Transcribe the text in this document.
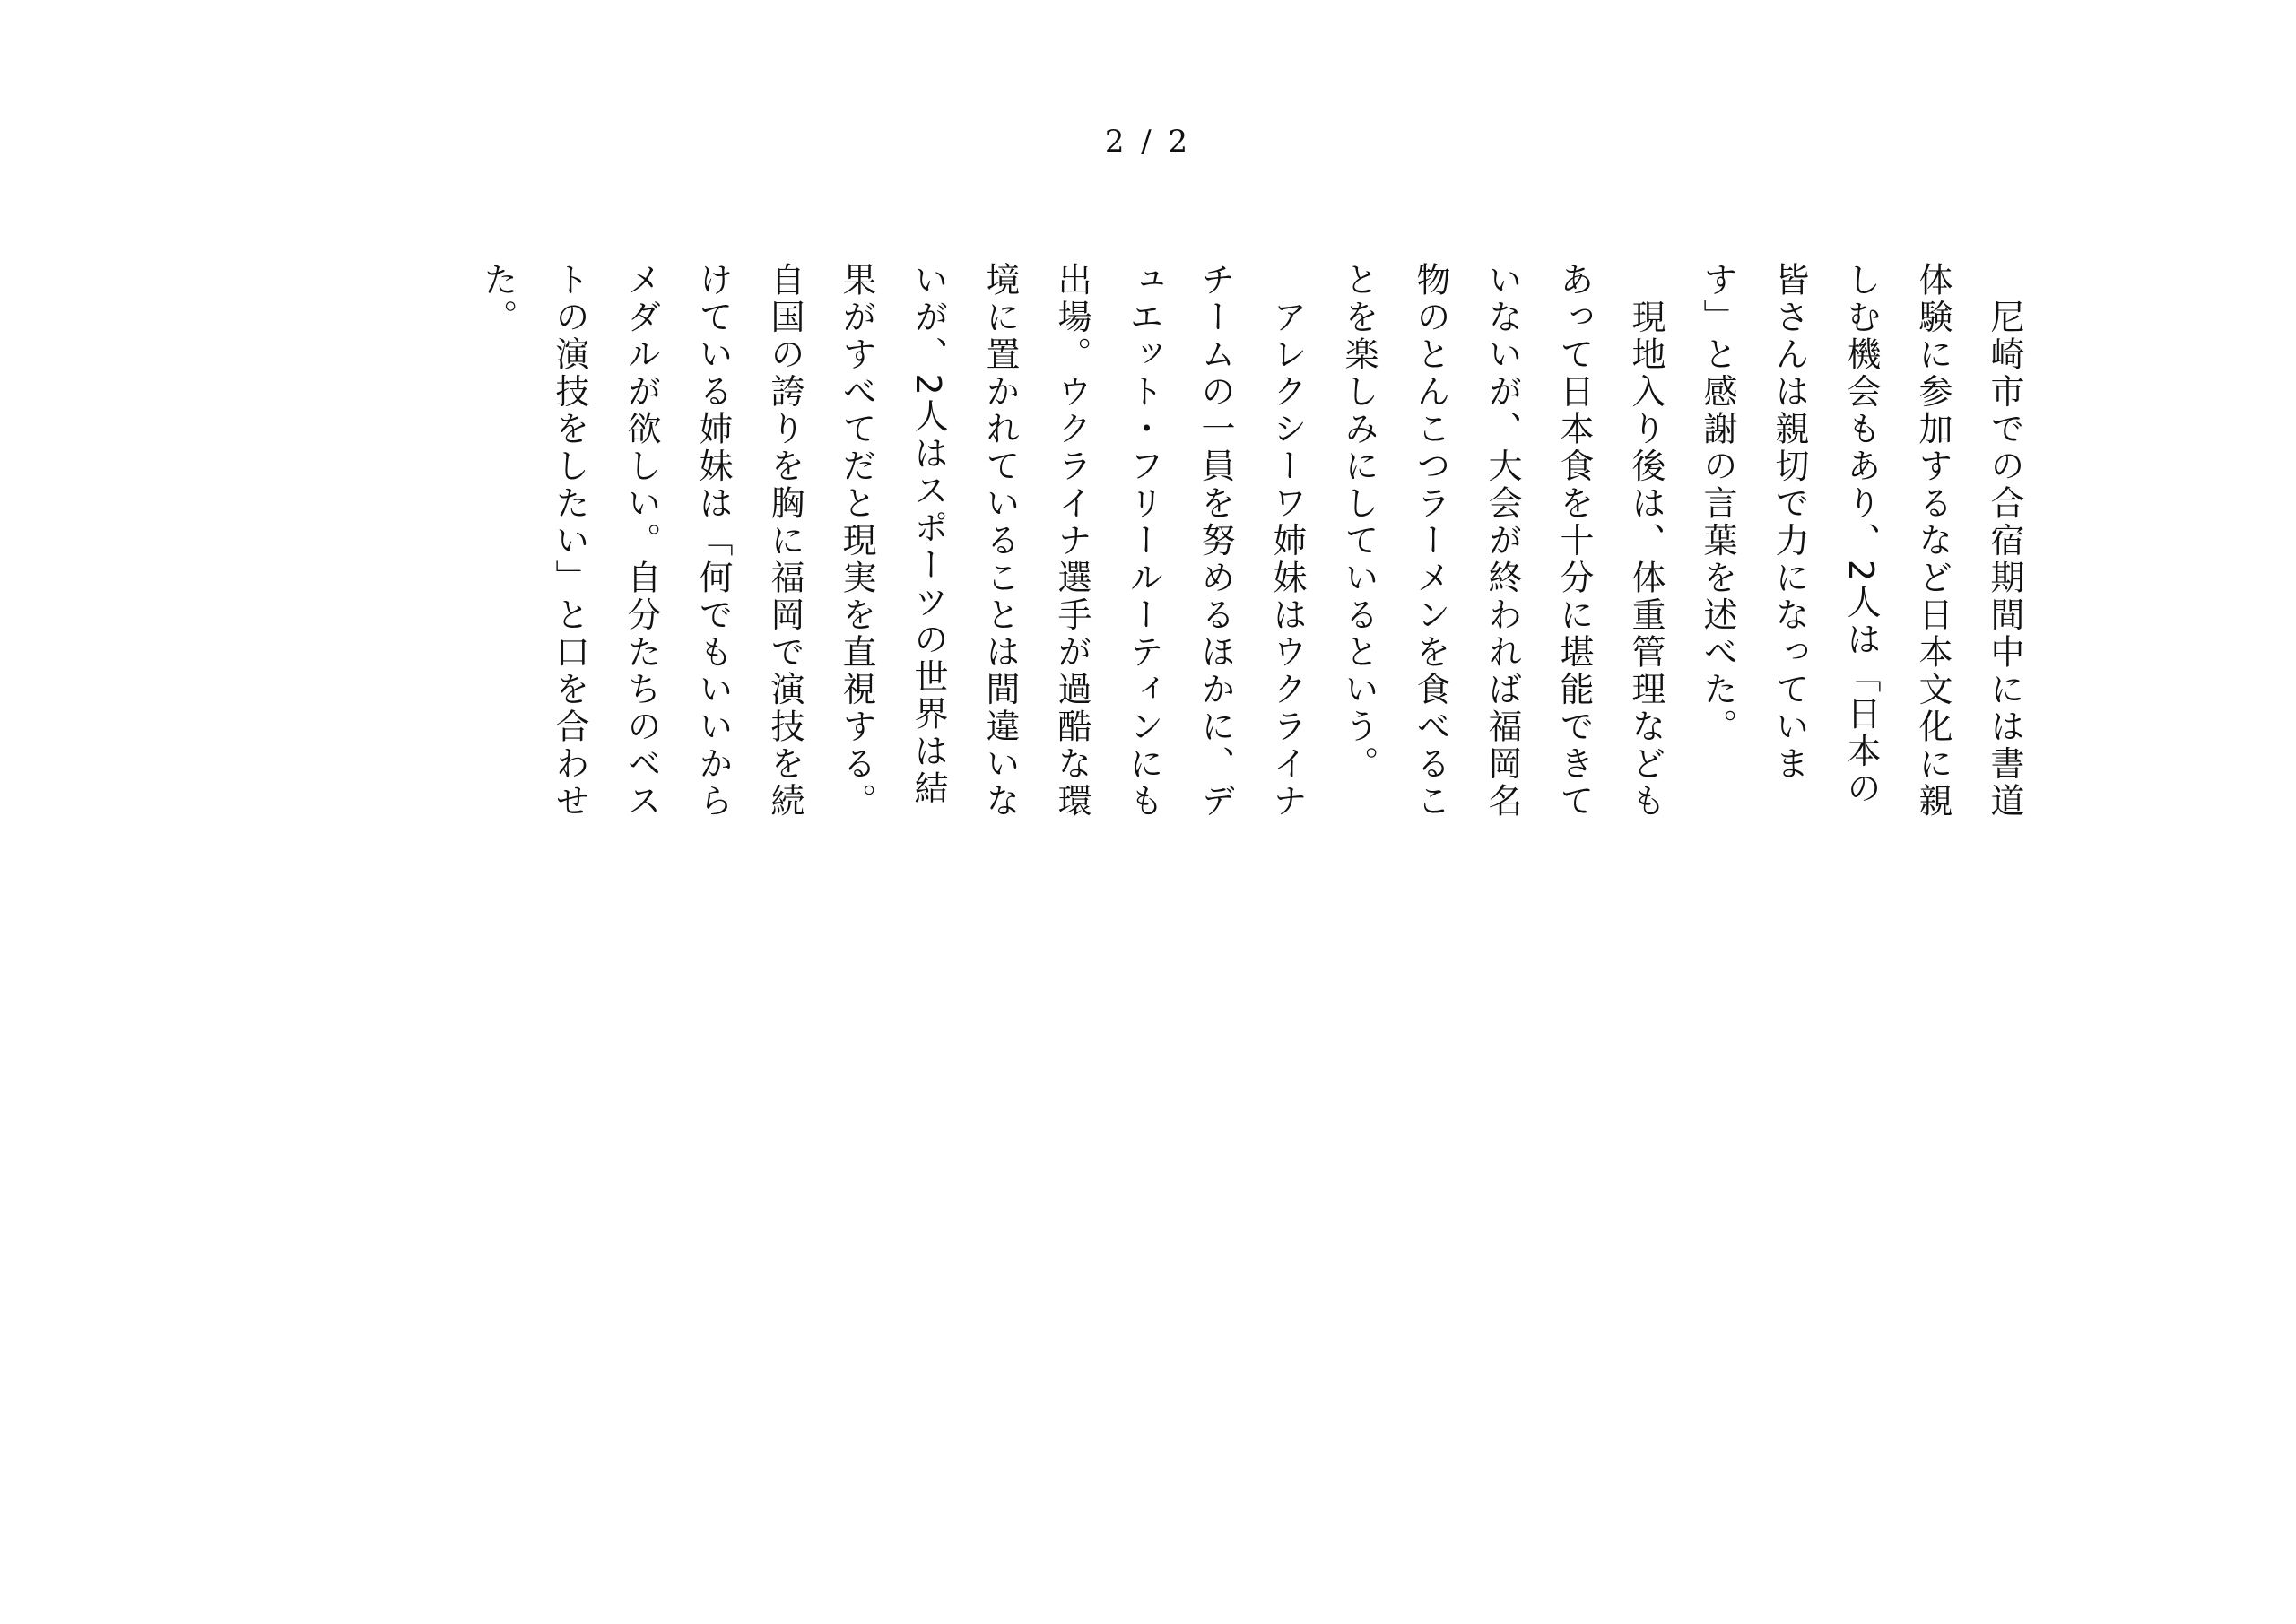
2 / 2
　尼崎市での合宿期間中には書道
体験に参加するなど日本文化に親
しむ機会もあり、2人は「日本の
皆さんは親切で力になっていま
す」と感謝の言葉を述べた。
　現地入り後は、体重管理なども
あって日本食を十分に堪能できて
いないが、大会が終われば福岡名
物のとんこつラーメンを食べるこ
とを楽しみにしているという。
　アレクシーワ姉妹はウクライナ
チームの一員を努めるほかに、デ
ュエット・フリールーティンにも
出場。ウクライナ選手が過酷な環
境に置かれていることは間違いな
いが、2人はスポーツの世界は結
果がすべてだと現実を直視する。
自国の誇りを胸に福岡で演技を続
けている姉妹は「何でもいいから
メダルが欲しい。自分たちのベス
トの演技をしたい」と口を合わせ
た。
